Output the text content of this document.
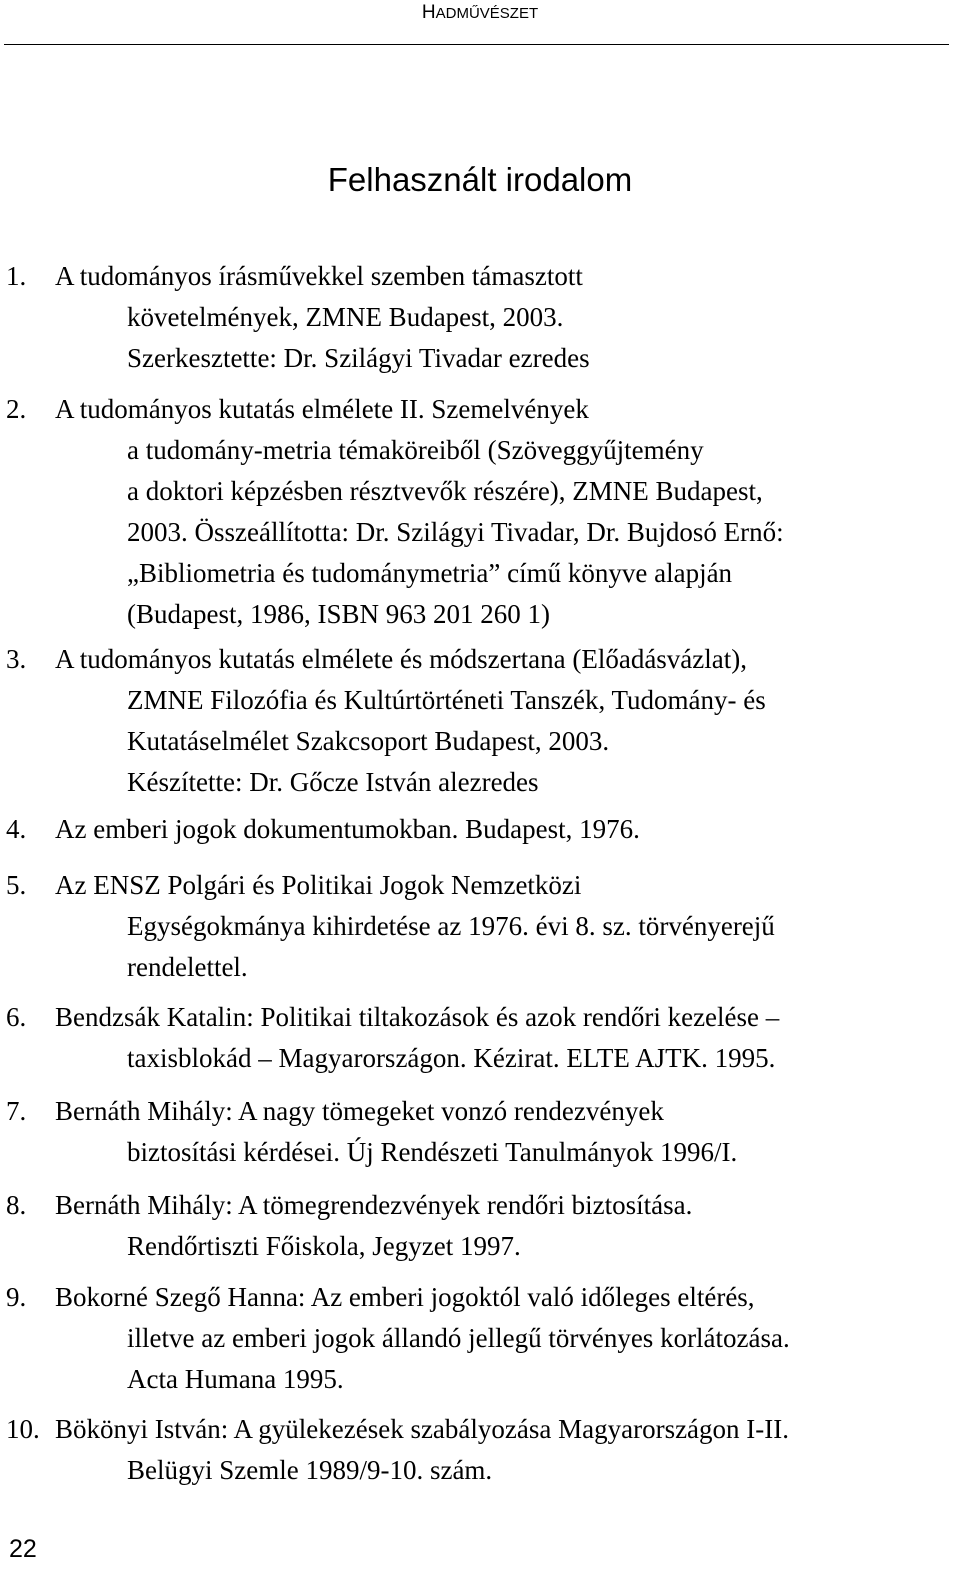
HADMŰVÉSZET
Felhasznált irodalom
1. A tudományos írásművekkel szemben támasztott
követelmények, ZMNE Budapest, 2003.
Szerkesztette: Dr. Szilágyi Tivadar ezredes
2. A tudományos kutatás elmélete II. Szemelvények
a tudomány-metria témaköreiből (Szöveggyűjtemény
a doktori képzésben résztvevők részére), ZMNE Budapest,
2003. Összeállította: Dr. Szilágyi Tivadar, Dr. Bujdosó Ernő:
„Bibliometria és tudománymetria” című könyve alapján
(Budapest, 1986, ISBN 963 201 260 1)
3. A tudományos kutatás elmélete és módszertana (Előadásvázlat),
ZMNE Filozófia és Kultúrtörténeti Tanszék, Tudomány- és
Kutatáselmélet Szakcsoport Budapest, 2003.
Készítette: Dr. Gőcze István alezredes
4. Az emberi jogok dokumentumokban. Budapest, 1976.
5. Az ENSZ Polgári és Politikai Jogok Nemzetközi
Egységokmánya kihirdetése az 1976. évi 8. sz. törvényerejű
rendelettel.
6. Bendzsák Katalin: Politikai tiltakozások és azok rendőri kezelése –
taxisblokád – Magyarországon. Kézirat. ELTE AJTK. 1995.
7. Bernáth Mihály: A nagy tömegeket vonzó rendezvények
biztosítási kérdései. Új Rendészeti Tanulmányok 1996/I.
8. Bernáth Mihály: A tömegrendezvények rendőri biztosítása.
Rendőrtiszti Főiskola, Jegyzet 1997.
9. Bokorné Szegő Hanna: Az emberi jogoktól való időleges eltérés,
illetve az emberi jogok állandó jellegű törvényes korlátozása.
Acta Humana 1995.
10. Bökönyi István: A gyülekezések szabályozása Magyarországon I-II.
Belügyi Szemle 1989/9-10. szám.
22
